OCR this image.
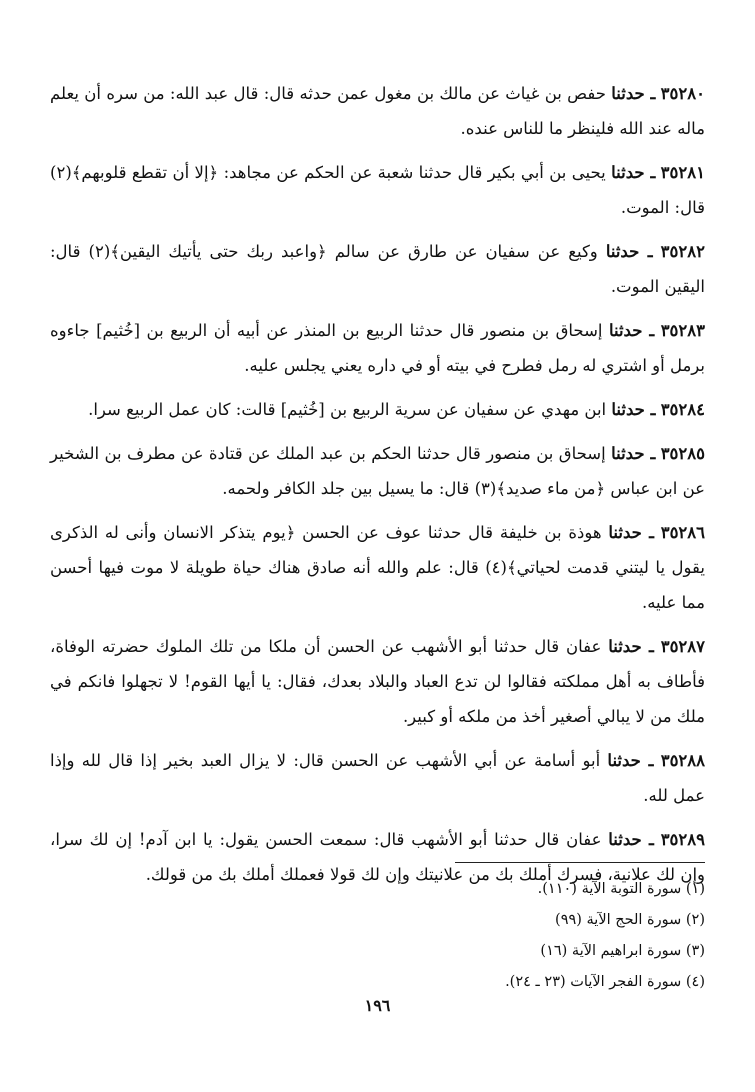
٣٥٢٨٠ ـ حدثنا حفص بن غياث عن مالك بن مغول عمن حدثه قال: قال عبد الله: من سره أن يعلم ماله عند الله فلينظر ما للناس عنده.

٣٥٢٨١ ـ حدثنا يحيى بن أبي بكير قال حدثنا شعبة عن الحكم عن مجاهد: ﴿إلا أن تقطع قلوبهم﴾(٢) قال: الموت.

٣٥٢٨٢ ـ حدثنا وكيع عن سفيان عن طارق عن سالم ﴿واعبد ربك حتى يأتيك اليقين﴾(٢) قال: اليقين الموت.

٣٥٢٨٣ ـ حدثنا إسحاق بن منصور قال حدثنا الربيع بن المنذر عن أبيه أن الربيع بن [خُثيم] جاءوه برمل أو اشتري له رمل فطرح في بيته أو في داره يعني يجلس عليه.

٣٥٢٨٤ ـ حدثنا ابن مهدي عن سفيان عن سرية الربيع بن [خُثيم] قالت: كان عمل الربيع سرا.

٣٥٢٨٥ ـ حدثنا إسحاق بن منصور قال حدثنا الحكم بن عبد الملك عن قتادة عن مطرف بن الشخير عن ابن عباس ﴿من ماء صديد﴾(٣) قال: ما يسيل بين جلد الكافر ولحمه.

٣٥٢٨٦ ـ حدثنا هوذة بن خليفة قال حدثنا عوف عن الحسن ﴿يوم يتذكر الانسان وأنى له الذكرى يقول يا ليتني قدمت لحياتي﴾(٤) قال: علم والله أنه صادق هناك حياة طويلة لا موت فيها أحسن مما عليه.

٣٥٢٨٧ ـ حدثنا عفان قال حدثنا أبو الأشهب عن الحسن أن ملكا من تلك الملوك حضرته الوفاة، فأطاف به أهل مملكته فقالوا لن تدع العباد والبلاد بعدك، فقال: يا أيها القوم! لا تجهلوا فانكم في ملك من لا يبالي أصغير أخذ من ملكه أو كبير.

٣٥٢٨٨ ـ حدثنا أبو أسامة عن أبي الأشهب عن الحسن قال: لا يزال العبد بخير إذا قال لله وإذا عمل لله.

٣٥٢٨٩ ـ حدثنا عفان قال حدثنا أبو الأشهب قال: سمعت الحسن يقول: يا ابن آدم! إن لك سرا، وإن لك علانية، فسرك أملك بك من علانيتك وإن لك قولا فعملك أملك بك من قولك.

(١) سورة التوبة الآية (١١٠).

(٢) سورة الحج الآية (٩٩)

(٣) سورة ابراهيم الآية (١٦)

(٤) سورة الفجر الآيات (٢٣ ـ ٢٤).

١٩٦
